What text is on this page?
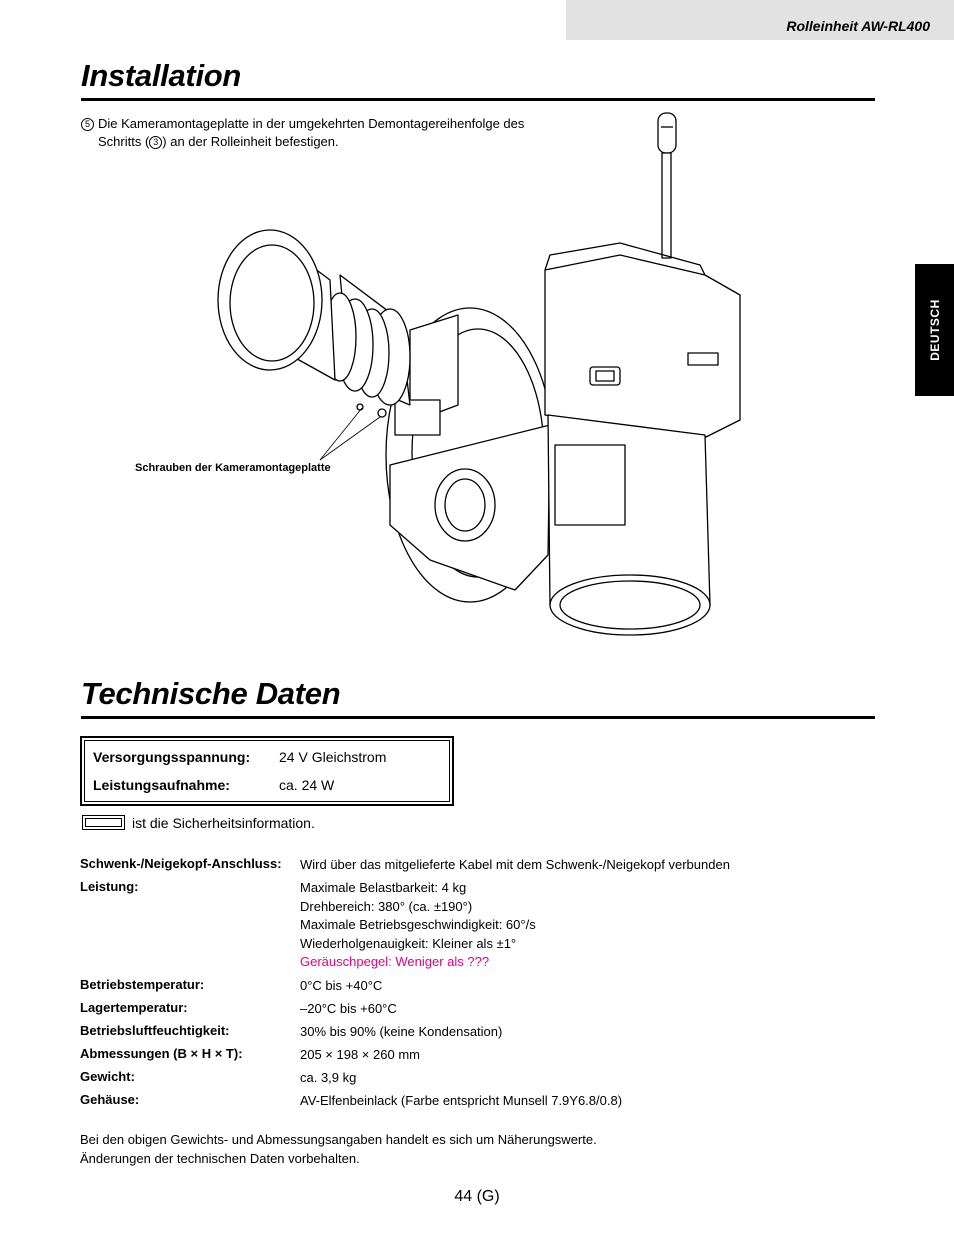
Rolleinheit AW-RL400
Installation
5 Die Kameramontageplatte in der umgekehrten Demontagereihenfolge des
Schritts ( 3 ) an der Rolleinheit befestigen.
Schrauben der Kameramontageplatte
DEUTSCH
Technische Daten
Versorgungsspannung: 24 V Gleichstrom
Leistungsaufnahme:	ca. 24 W
ist die Sicherheitsinformation.
Schwenk-/Neigekopf-Anschluss: Wird über das mitgelieferte Kabel mit dem Schwenk-/Neigekopf verbunden
Leistung:	Maximale Belastbarkeit: 4 kg
Drehbereich: 380° (ca. ±190°)
Maximale Betriebsgeschwindigkeit: 60°/s
Wiederholgenauigkeit: Kleiner als ±1°
Geräuschpegel: Weniger als ???
Betriebstemperatur:	0°C bis +40°C
Lagertemperatur:	–20°C bis +60°C
Betriebsluftfeuchtigkeit:	30% bis 90% (keine Kondensation)
Abmessungen (B × H × T):	205 × 198 × 260 mm
Gewicht:	ca. 3,9 kg
Gehäuse:	AV-Elfenbeinlack (Farbe entspricht Munsell 7.9Y6.8/0.8)
Bei den obigen Gewichts- und Abmessungsangaben handelt es sich um Näherungswerte.
Änderungen der technischen Daten vorbehalten.
44 (G)
